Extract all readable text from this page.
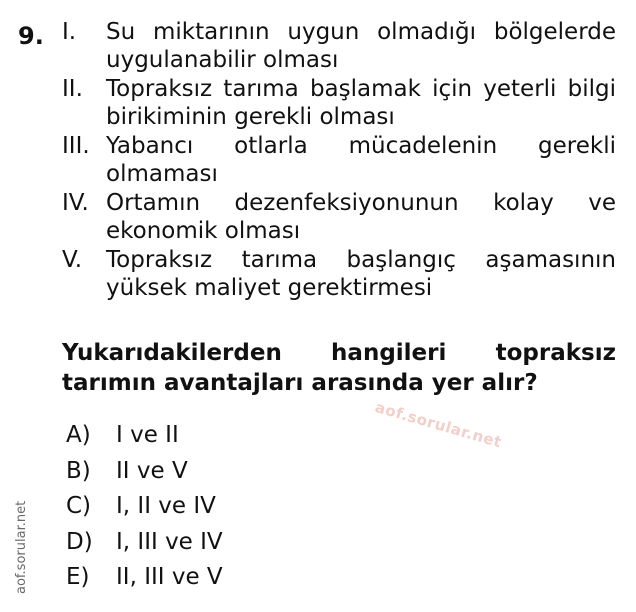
9. I.	Su miktarının uygun olmadığı bölgelerde uygulanabilir olması
II.	Topraksız tarıma başlamak için yeterli bilgi birikiminin gerekli olması
III. Yabancı otlarla mücadelenin gerekli olmaması
IV. Ortamın dezenfeksiyonunun kolay ve ekonomik olması
V.	Topraksız tarıma başlangıç aşamasının yüksek maliyet gerektirmesi
Yukarıdakilerden hangileri topraksız tarımın avantajları arasında yer alır?
A)	I ve II
B)	II ve V
C)	I, II ve IV
D)	I, III ve IV
E)	II, III ve V
aof.sorular.net
aof.sorular.net
